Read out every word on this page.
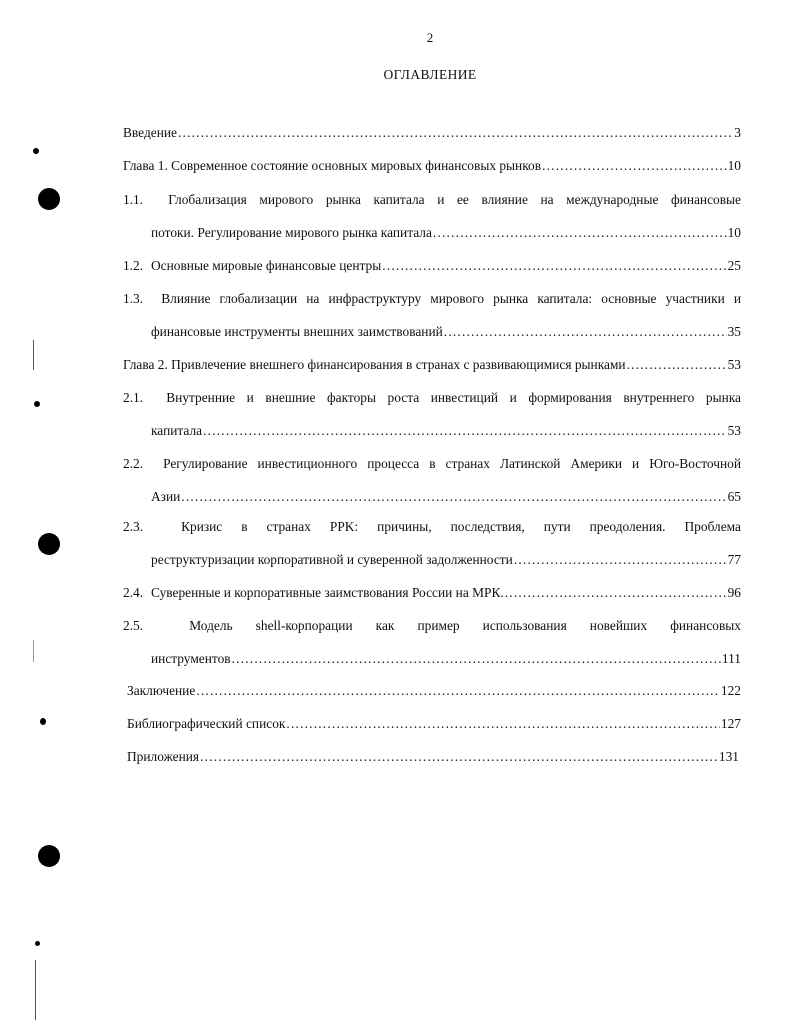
2
ОГЛАВЛЕНИЕ
Введение .....	3
Глава 1. Современное состояние основных мировых финансовых рынков .....	10
1.1.  Глобализация мирового рынка капитала и ее влияние на международные финансовые
потоки. Регулирование мирового рынка капитала .....	10
1.2. Основные мировые финансовые центры .....	25
1.3.  Влияние глобализации на инфраструктуру мирового рынка капитала: основные участники и
финансовые инструменты внешних заимствований .....	35
Глава 2. Привлечение внешнего финансирования в странах с развивающимися рынками .....	53
2.1.  Внутренние и внешние факторы роста инвестиций и формирования внутреннего рынка
капитала .....	53
2.2.  Регулирование инвестиционного процесса в странах Латинской Америки и Юго-Восточной
Азии .....	65
2.3.  Кризис в странах PPK: причины, последствия, пути преодоления. Проблема
реструктуризации корпоративной и суверенной задолженности .....	77
2.4. Суверенные и корпоративные заимствования России на МРК. .....	96
2.5.  Модель shell-корпорации как пример использования новейших финансовых
инструментов .....	111
Заключение .....	122
Библиографический список .....	127
Приложения .....	131
